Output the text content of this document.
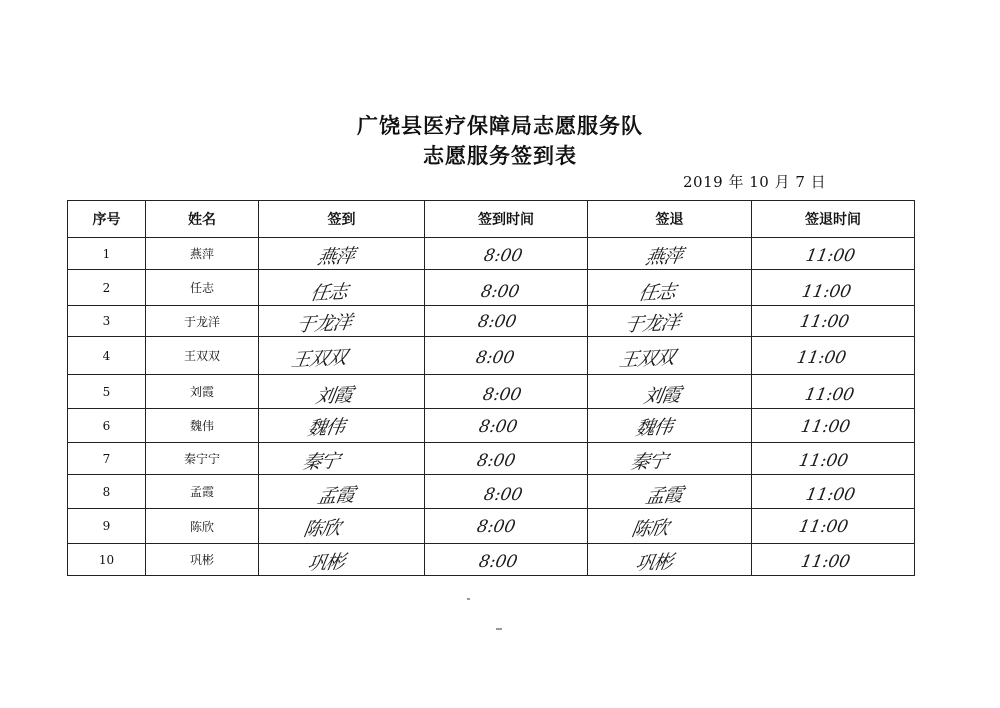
广饶县医疗保障局志愿服务队
志愿服务签到表
2019 年 10 月 7 日
序号	姓名	签到	签到时间	签退	签退时间
1	燕萍	燕萍	8:00	燕萍	11:00
2	任志	任志	8:00	任志	11:00
3	于龙洋	于龙洋	8:00	于龙洋	11:00
4	王双双	王双双	8:00	王双双	11:00
5	刘霞	刘霞	8:00	刘霞	11:00
6	魏伟	魏伟	8:00	魏伟	11:00
7	秦宁宁	秦宁	8:00	秦宁	11:00
8	孟霞	孟霞	8:00	孟霞	11:00
9	陈欣	陈欣	8:00	陈欣	11:00
10	巩彬	巩彬	8:00	巩彬	11:00
